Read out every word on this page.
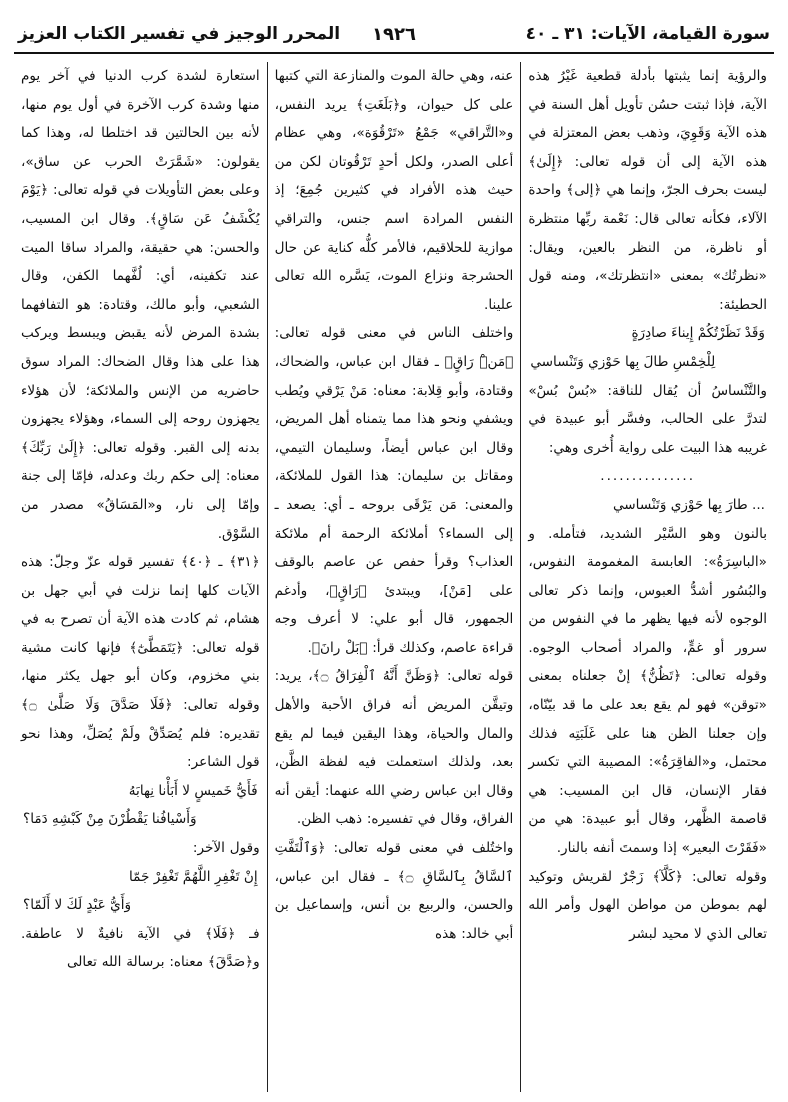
سورة القيامة، الآيات: ٣١ ـ ٤٠
١٩٢٦
المحرر الوجيز في تفسير الكتاب العزيز

والرؤية إنما يثبتها بأدلة قطعية غَيْرُ هذه الآية، فإذا ثبتت حسُن تأويل أهل السنة في هذه الآية وَقَوِيَ، وذهب بعض المعتزلة في هذه الآية إلى أن قوله تعالى: ﴿إِلَىٰ﴾ ليست بحرف الجرّ، وإنما هي ﴿إلى﴾ واحدة الآلاء، فكأنه تعالى قال: نَعْمة ربِّها منتظرة أو ناظرة، من النظر بالعين، ويقال: «نظرتُك» بمعنى «انتظرتك»، ومنه قول الحطيئة:

وَقَدْ نَظَرْتُكُمْ إِيناءَ صادِرَةٍ
لِلْخِمْسِ طالَ بِها حَوْزي وَتَنْساسي

والتَّنْساسُ أن يُقال للناقة: «بُسْ بُسْ» لتدرَّ على الحالب، وفسَّر أبو عبيدة في غريبه هذا البيت على رواية أُخرى وهي:

...............
... طارَ بِها حَوْزي وَتَنْساسي

بالنون وهو السَّيْر الشديد، فتأمله. و «الباسِرَةُ»: العابسة المغمومة النفوس، والبُسُور أشدُّ العبوس، وإنما ذكر تعالى الوجوه لأنه فيها يظهر ما في النفوس من سرور أو غمٍّ، والمراد أصحاب الوجوه. وقوله تعالى: ﴿تَظُنُّ﴾ إنْ جعلناه بمعنى «توقن» فهو لم يقع بعد على ما قد بيّنّاه، وإن جعلنا الظن هنا على غَلَبَتِه فذلك محتمل، و«الفاقِرَةُ»: المصيبة التي تكسر فقار الإنسان، قال ابن المسيب: هي قاصمة الظَّهر، وقال أبو عبيدة: هي من «فَقَرْتَ البعير» إذا وسمتَ أنفه بالنار.

وقوله تعالى: ﴿كَلَّآ﴾ زَجْرٌ لقريش وتوكيد لهم بموطن من مواطن الهول وأمر الله تعالى الذي لا محيد لبشر

عنه، وهي حالة الموت والمنازعة التي كتبها على كل حيوان، و﴿بَلَغَتِ﴾ يريد النفس، و«التَّراقي» جَمْعُ «تَرْقُوَة»، وهي عظام أعلى الصدر، ولكل أحدٍ تَرْقُوتان لكن من حيث هذه الأفراد في كثيرين جُمِعَ؛ إذ النفس المرادة اسم جنس، والتراقي موازية للحلاقيم، فالأمر كلُّه كناية عن حال الحشرجة ونزاع الموت، يَسَّره الله تعالى علينا.

واختلف الناس في معنى قوله تعالى: ﴿مَنْۜ رَاقٍ﴾ ـ فقال ابن عباس، والضحاك، وقتادة، وأبو قِلابة: معناه: مَنْ يَرْقي ويُطب ويشفي ونحو هذا مما يتمناه أهل المريض، وقال ابن عباس أيضاً، وسليمان التيمي، ومقاتل بن سليمان: هذا القول للملائكة، والمعنى: مَن يَرْقَى بروحه ـ أي: يصعد ـ إلى السماء؟ أملائكة الرحمة أم ملائكة العذاب؟ وقرأ حفص عن عاصم بالوقف على [مَنْ]، ويبتدئ ﴿رَاقٍ﴾، وأدغم الجمهور، قال أبو علي: لا أعرف وجه قراءة عاصم، وكذلك قرأ: ﴿بَلْ رانَ﴾.

قوله تعالى: ﴿وَظَنَّ أَنَّهُ ٱلْفِرَاقُ ۝﴾، يريد: وتيقَّن المريض أنه فراق الأحبة والأهل والمال والحياة، وهذا اليقين فيما لم يقع بعد، ولذلك استعملت فيه لفظة الظَّن، وقال ابن عباس رضي الله عنهما: أيقن أنه الفراق، وقال في تفسيره: ذهب الظن.

واختُلف في معنى قوله تعالى: ﴿وَٱلْتَفَّتِ ٱلسَّاقُ بِٱلسَّاقِ ۝﴾ ـ فقال ابن عباس، والحسن، والربيع بن أنس، وإسماعيل بن أبي خالد: هذه

استعارة لشدة كرب الدنيا في آخر يوم منها وشدة كرب الآخرة في أول يوم منها، لأنه بين الحالتين قد اختلطا له، وهذا كما يقولون: «شَمَّرَتْ الحرب عن ساق»، وعلى بعض التأويلات في قوله تعالى: ﴿يَوْمَ يُكْشَفُ عَن سَاقٍ﴾. وقال ابن المسيب، والحسن: هي حقيقة، والمراد ساقا الميت عند تكفينه، أي: لُفَّهما الكفن، وقال الشعبي، وأبو مالك، وقتادة: هو التفافهما بشدة المرض لأنه يقبض ويبسط ويركب هذا على هذا وقال الضحاك: المراد سوق حاضريه من الإنس والملائكة؛ لأن هؤلاء يجهزون روحه إلى السماء، وهؤلاء يجهزون بدنه إلى القبر. وقوله تعالى: ﴿إِلَىٰ رَبِّكَ﴾ معناه: إلى حكم ربك وعدله، فإمّا إلى جنة وإمّا إلى نار، و«المَسَاقُ» مصدر من السَّوْق.

﴿٣١﴾ ـ ﴿٤٠﴾ تفسير قوله عزّ وجلّ: هذه الآيات كلها إنما نزلت في أبي جهل بن هشام، ثم كادت هذه الآية أن تصرح به في قوله تعالى: ﴿يَتَمَطَّىٰٓ﴾ فإنها كانت مشية بني مخزوم، وكان أبو جهل يكثر منها، وقوله تعالى: ﴿فَلَا صَدَّقَ وَلَا صَلَّىٰ ۝﴾ تقديره: فلم يُصَدِّقْ ولَمْ يُصَلِّ، وهذا نحو قول الشاعر:

فَأَيُّ خَميسٍ لا أَبَأْنا نِهابَهُ
وَأَسْيافُنا يَقْطُرْنَ مِنْ كَبْشِهِ دَمَا؟

وقول الآخر:

إِنْ تَغْفِرِ اللَّهُمَّ تَغْفِرْ جَمّا
وَأَيُّ عَبْدٍ لَكَ لا أَلَمّا؟

فـ ﴿فَلَا﴾ في الآية نافيةٌ لا عاطفة. و﴿صَدَّقَ﴾ معناه: برسالة الله تعالى
